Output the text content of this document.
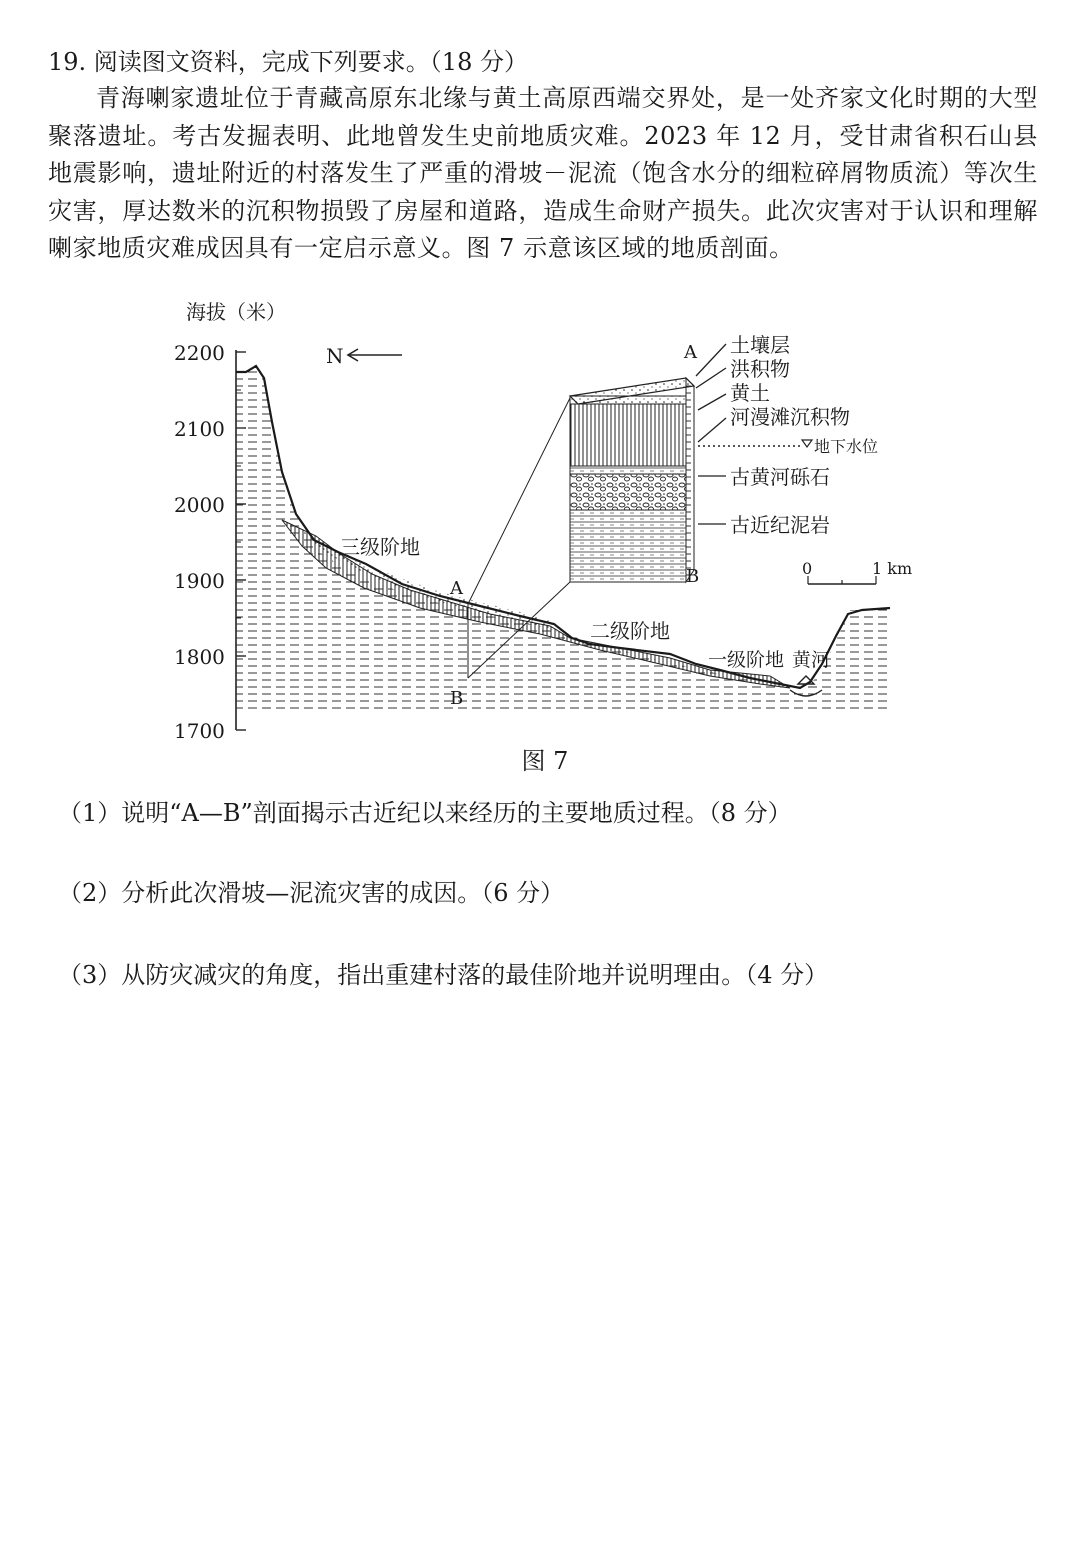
19. 阅读图文资料，完成下列要求。（18 分）
青海喇家遗址位于青藏高原东北缘与黄土高原西端交界处，是一处齐家文化时期的大型聚落遗址。考古发掘表明、此地曾发生史前地质灾难。2023 年 12 月，受甘肃省积石山县地震影响，遗址附近的村落发生了严重的滑坡－泥流（饱含水分的细粒碎屑物质流）等次生灾害，厚达数米的沉积物损毁了房屋和道路，造成生命财产损失。此次灾害对于认识和理解喇家地质灾难成因具有一定启示意义。图 7 示意该区域的地质剖面。
海拔（米）
2200
2100
2000
1900
1800
1700
N
A
B
A
B
土壤层
洪积物
黄土
河漫滩沉积物
古黄河砾石
古近纪泥岩
地下水位
三级阶地
二级阶地
一级阶地 黄河
0	1 km
图 7
（1）说明“A—B”剖面揭示古近纪以来经历的主要地质过程。（8 分）
（2）分析此次滑坡—泥流灾害的成因。（6 分）
（3）从防灾减灾的角度，指出重建村落的最佳阶地并说明理由。（4 分）
